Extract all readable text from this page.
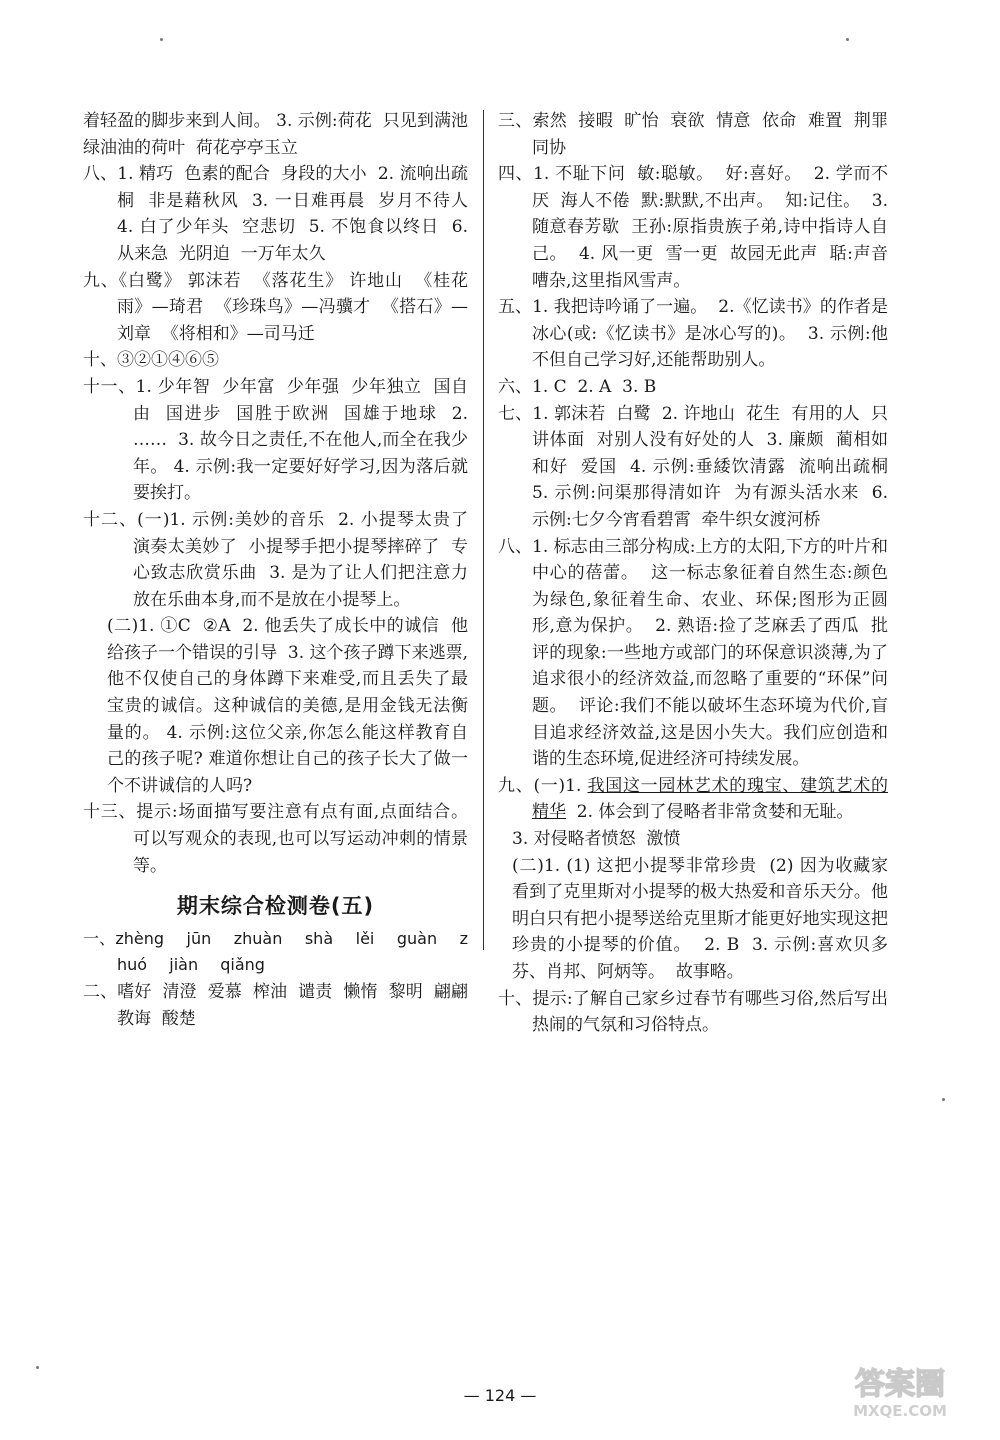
着轻盈的脚步来到人间。 3. 示例:荷花  只见到满池绿油油的荷叶  荷花亭亭玉立

八、1. 精巧  色素的配合  身段的大小  2. 流响出疏桐  非是藉秋风  3. 一日难再晨  岁月不待人  4. 白了少年头  空悲切  5. 不饱食以终日  6. 从来急  光阴迫  一万年太久

九、《白鹭》 郭沫若  《落花生》 许地山  《桂花雨》—琦君  《珍珠鸟》—冯骥才  《搭石》—刘章  《将相和》—司马迁

十、③②①④⑥⑤

十一、1. 少年智  少年富  少年强  少年独立  国自由  国进步  国胜于欧洲  国雄于地球  2. ……  3. 故今日之责任,不在他人,而全在我少年。 4. 示例:我一定要好好学习,因为落后就要挨打。

十二、(一)1. 示例:美妙的音乐  2. 小提琴太贵了  演奏太美妙了  小提琴手把小提琴摔碎了  专心致志欣赏乐曲  3. 是为了让人们把注意力放在乐曲本身,而不是放在小提琴上。

(二)1. ①C  ②A  2. 他丢失了成长中的诚信  他给孩子一个错误的引导  3. 这个孩子蹲下来逃票,他不仅使自己的身体蹲下来难受,而且丢失了最宝贵的诚信。这种诚信的美德,是用金钱无法衡量的。 4. 示例:这位父亲,你怎么能这样教育自己的孩子呢? 难道你想让自己的孩子长大了做一个不讲诚信的人吗?

十三、提示:场面描写要注意有点有面,点面结合。可以写观众的表现,也可以写运动冲刺的情景等。

期末综合检测卷(五)

一、zhèng  jūn  zhuàn  shà  lěi  guàn  zhuó  jiàn  qiǎng

二、嗜好  清澄  爱慕  榨油  谴责  懒惰  黎明  翩翩  教诲  酸楚

三、索然  接暇  旷怡  衰欲  情意  依命  难置  荆罪  同协

四、1. 不耻下问  敏:聪敏。  好:喜好。  2. 学而不厌  海人不倦  默:默默,不出声。  知:记住。  3. 随意春芳歇  王孙:原指贵族子弟,诗中指诗人自己。  4. 风一更  雪一更  故园无此声  聒:声音嘈杂,这里指风雪声。

五、1. 我把诗吟诵了一遍。  2.《忆读书》的作者是冰心(或:《忆读书》是冰心写的)。  3. 示例:他不但自己学习好,还能帮助别人。

六、1. C  2. A  3. B

七、1. 郭沫若  白鹭  2. 许地山  花生  有用的人  只讲体面  对别人没有好处的人  3. 廉颇  蔺相如  和好  爱国  4. 示例:垂緌饮清露  流响出疏桐  5. 示例:问渠那得清如许  为有源头活水来  6. 示例:七夕今宵看碧霄  牵牛织女渡河桥

八、1. 标志由三部分构成:上方的太阳,下方的叶片和中心的蓓蕾。  这一标志象征着自然生态:颜色为绿色,象征着生命、农业、环保;图形为正圆形,意为保护。  2. 熟语:捡了芝麻丢了西瓜  批评的现象:一些地方或部门的环保意识淡薄,为了追求很小的经济效益,而忽略了重要的“环保”问题。  评论:我们不能以破坏生态环境为代价,盲目追求经济效益,这是因小失大。我们应创造和谐的生态环境,促进经济可持续发展。

九、(一)1. 我国这一园林艺术的瑰宝、建筑艺术的精华  2. 体会到了侵略者非常贪婪和无耻。

3. 对侵略者愤怒  激愤

(二)1. (1) 这把小提琴非常珍贵  (2) 因为收藏家看到了克里斯对小提琴的极大热爱和音乐天分。他明白只有把小提琴送给克里斯才能更好地实现这把珍贵的小提琴的价值。  2. B  3. 示例:喜欢贝多芬、肖邦、阿炳等。  故事略。

十、提示:了解自己家乡过春节有哪些习俗,然后写出热闹的气氛和习俗特点。

— 124 —	答案圈
MXQE.COM
